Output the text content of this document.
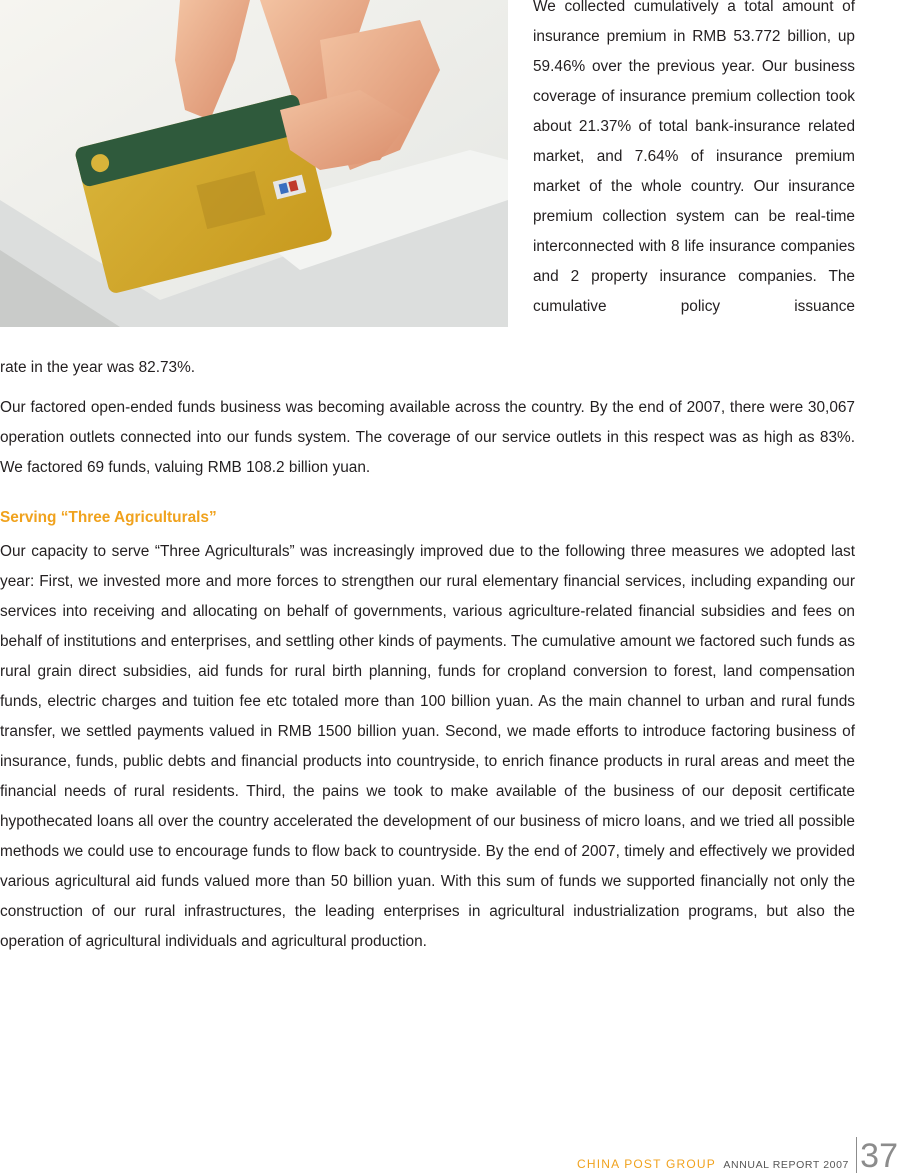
We collected cumulatively a total amount of insurance premium in RMB 53.772 billion, up 59.46% over the previous year. Our business coverage of insurance premium collection took about 21.37% of total bank-insurance related market, and 7.64% of insurance premium market of the whole country. Our insurance premium collection system can be real-time interconnected with 8 life insurance companies and 2 property insurance companies. The cumulative policy issuance
rate in the year was 82.73%.
Our factored open-ended funds business was becoming available across the country. By the end of 2007, there were 30,067 operation outlets connected into our funds system. The coverage of our service outlets in this respect was as high as 83%. We factored 69 funds, valuing RMB 108.2 billion yuan.
Serving “Three Agriculturals”
Our capacity to serve “Three Agriculturals” was increasingly improved due to the following three measures we adopted last year: First, we invested more and more forces to strengthen our rural elementary financial services, including expanding our services into receiving and allocating on behalf of governments, various agriculture-related financial subsidies and fees on behalf of institutions and enterprises, and settling other kinds of payments. The cumulative amount we factored such funds as rural grain direct subsidies, aid funds for rural birth planning, funds for cropland conversion to forest, land compensation funds, electric charges and tuition fee etc totaled more than 100 billion yuan. As the main channel to urban and rural funds transfer, we settled payments valued in RMB 1500 billion yuan. Second, we made efforts to introduce factoring business of insurance, funds, public debts and financial products into countryside, to enrich finance products in rural areas and meet the financial needs of rural residents. Third, the pains we took to make available of the business of our deposit certificate hypothecated loans all over the country accelerated the development of our business of micro loans, and we tried all possible methods we could use to encourage funds to flow back to countryside. By the end of 2007, timely and effectively we provided various agricultural aid funds valued more than 50 billion yuan. With this sum of funds we supported financially not only the construction of our rural infrastructures, the leading enterprises in agricultural industrialization programs, but also the operation of agricultural individuals and agricultural production.
CHINA POST GROUP ANNUAL REPORT 2007 37
